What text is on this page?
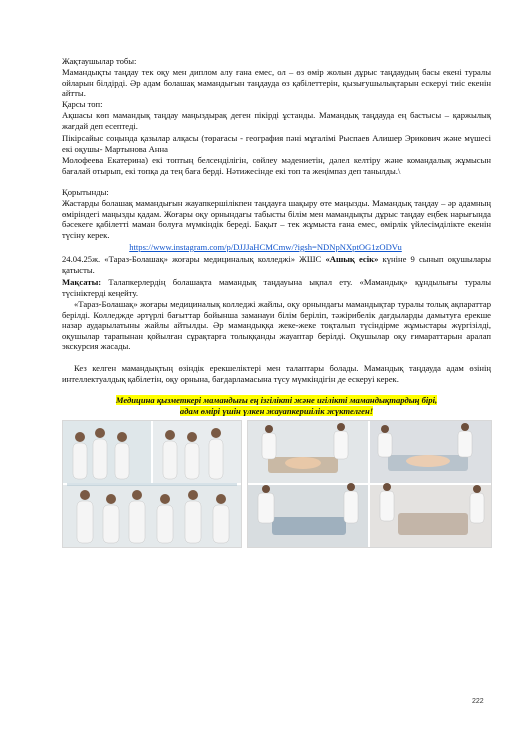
Жақтаушылар тобы:

Мамандықты таңдау тек оқу мен диплом алу ғана емес, ол – өз өмір жолын дұрыс таңдаудың басы екені туралы ойларын білдірді. Әр адам болашақ мамандығын таңдауда өз қабілеттерін, қызығушылықтарын ескеруі тиіс екенін айтты.

Қарсы топ:

Ақшасы көп мамандық таңдау маңыздырақ деген пікірді ұстанды. Мамандық таңдауда ең бастысы – қаржылық жағдай деп есептеді.

Пікірсайыс соңында қазылар алқасы (төрағасы - география пәні мұғалімі Рыспаев Алишер Эрикович және мүшесі екі оқушы- Мартынова Анна

Молофеева Екатерина) екі топтың белсенділігін, сөйлеу мәдениетін, дәлел келтіру және командалық жұмысын бағалай отырып, екі топқа да тең баға берді. Нәтижесінде екі топ та жеңімпаз деп танылды.\

Қорытынды:

Жастарды болашақ мамандығын жауапкершілікпен таңдауға шақыру өте маңызды. Мамандық таңдау – әр адамның өміріндегі маңызды қадам. Жоғары оқу орнындағы табысты білім мен мамандықты дұрыс таңдау еңбек нарығында бәсекеге қабілетті маман болуға мүмкіндік береді. Бақыт – тек жұмыста ғана емес, өмірлік үйлесімділікте екенін түсіну керек.

https://www.instagram.com/p/DJJJaHCMCmw/?igsh=NDNpNXptOG1zODVu

24.04.25ж. «Тараз-Болашақ» жоғары медициналық колледжі» ЖШС «Ашық есік» күніне 9 сынып оқушылары қатысты.

Мақсаты: Талапкерлердің болашақта мамандық таңдауына ықпал ету. «Мамандық» құндылығы туралы түсініктерді кеңейту.

«Тараз-Болашақ» жоғары медициналық колледжі жайлы, оқу орнындағы мамандықтар туралы толық ақпараттар берілді. Колледжде әртүрлі бағыттар бойынша заманауи білім беріліп, тәжірибелік дағдыларды дамытуға ерекше назар аударылатыны жайлы айтылды. Әр мамандыққа жеке-жеке тоқталып түсіндірме жұмыстары жүргізілді, оқушылар тарапынан қойылған сұрақтарға толыққанды жауаптар берілді. Оқушылар оқу ғимараттарын аралап экскурсия жасады.

Кез келген мамандықтың өзіндік ерекшеліктері мен талаптары болады. Мамандық таңдауда адам өзінің интеллектуалдық қабілетін, оқу орнына, бағдарламасына түсу мүмкіндігін де ескеруі керек.

Медицина қызметкері мамандығы ең ізгілікті және игілікті мамандықтардың бірі,
адам өмірі үшін үлкен жауапкершілік жүктелген!
222
